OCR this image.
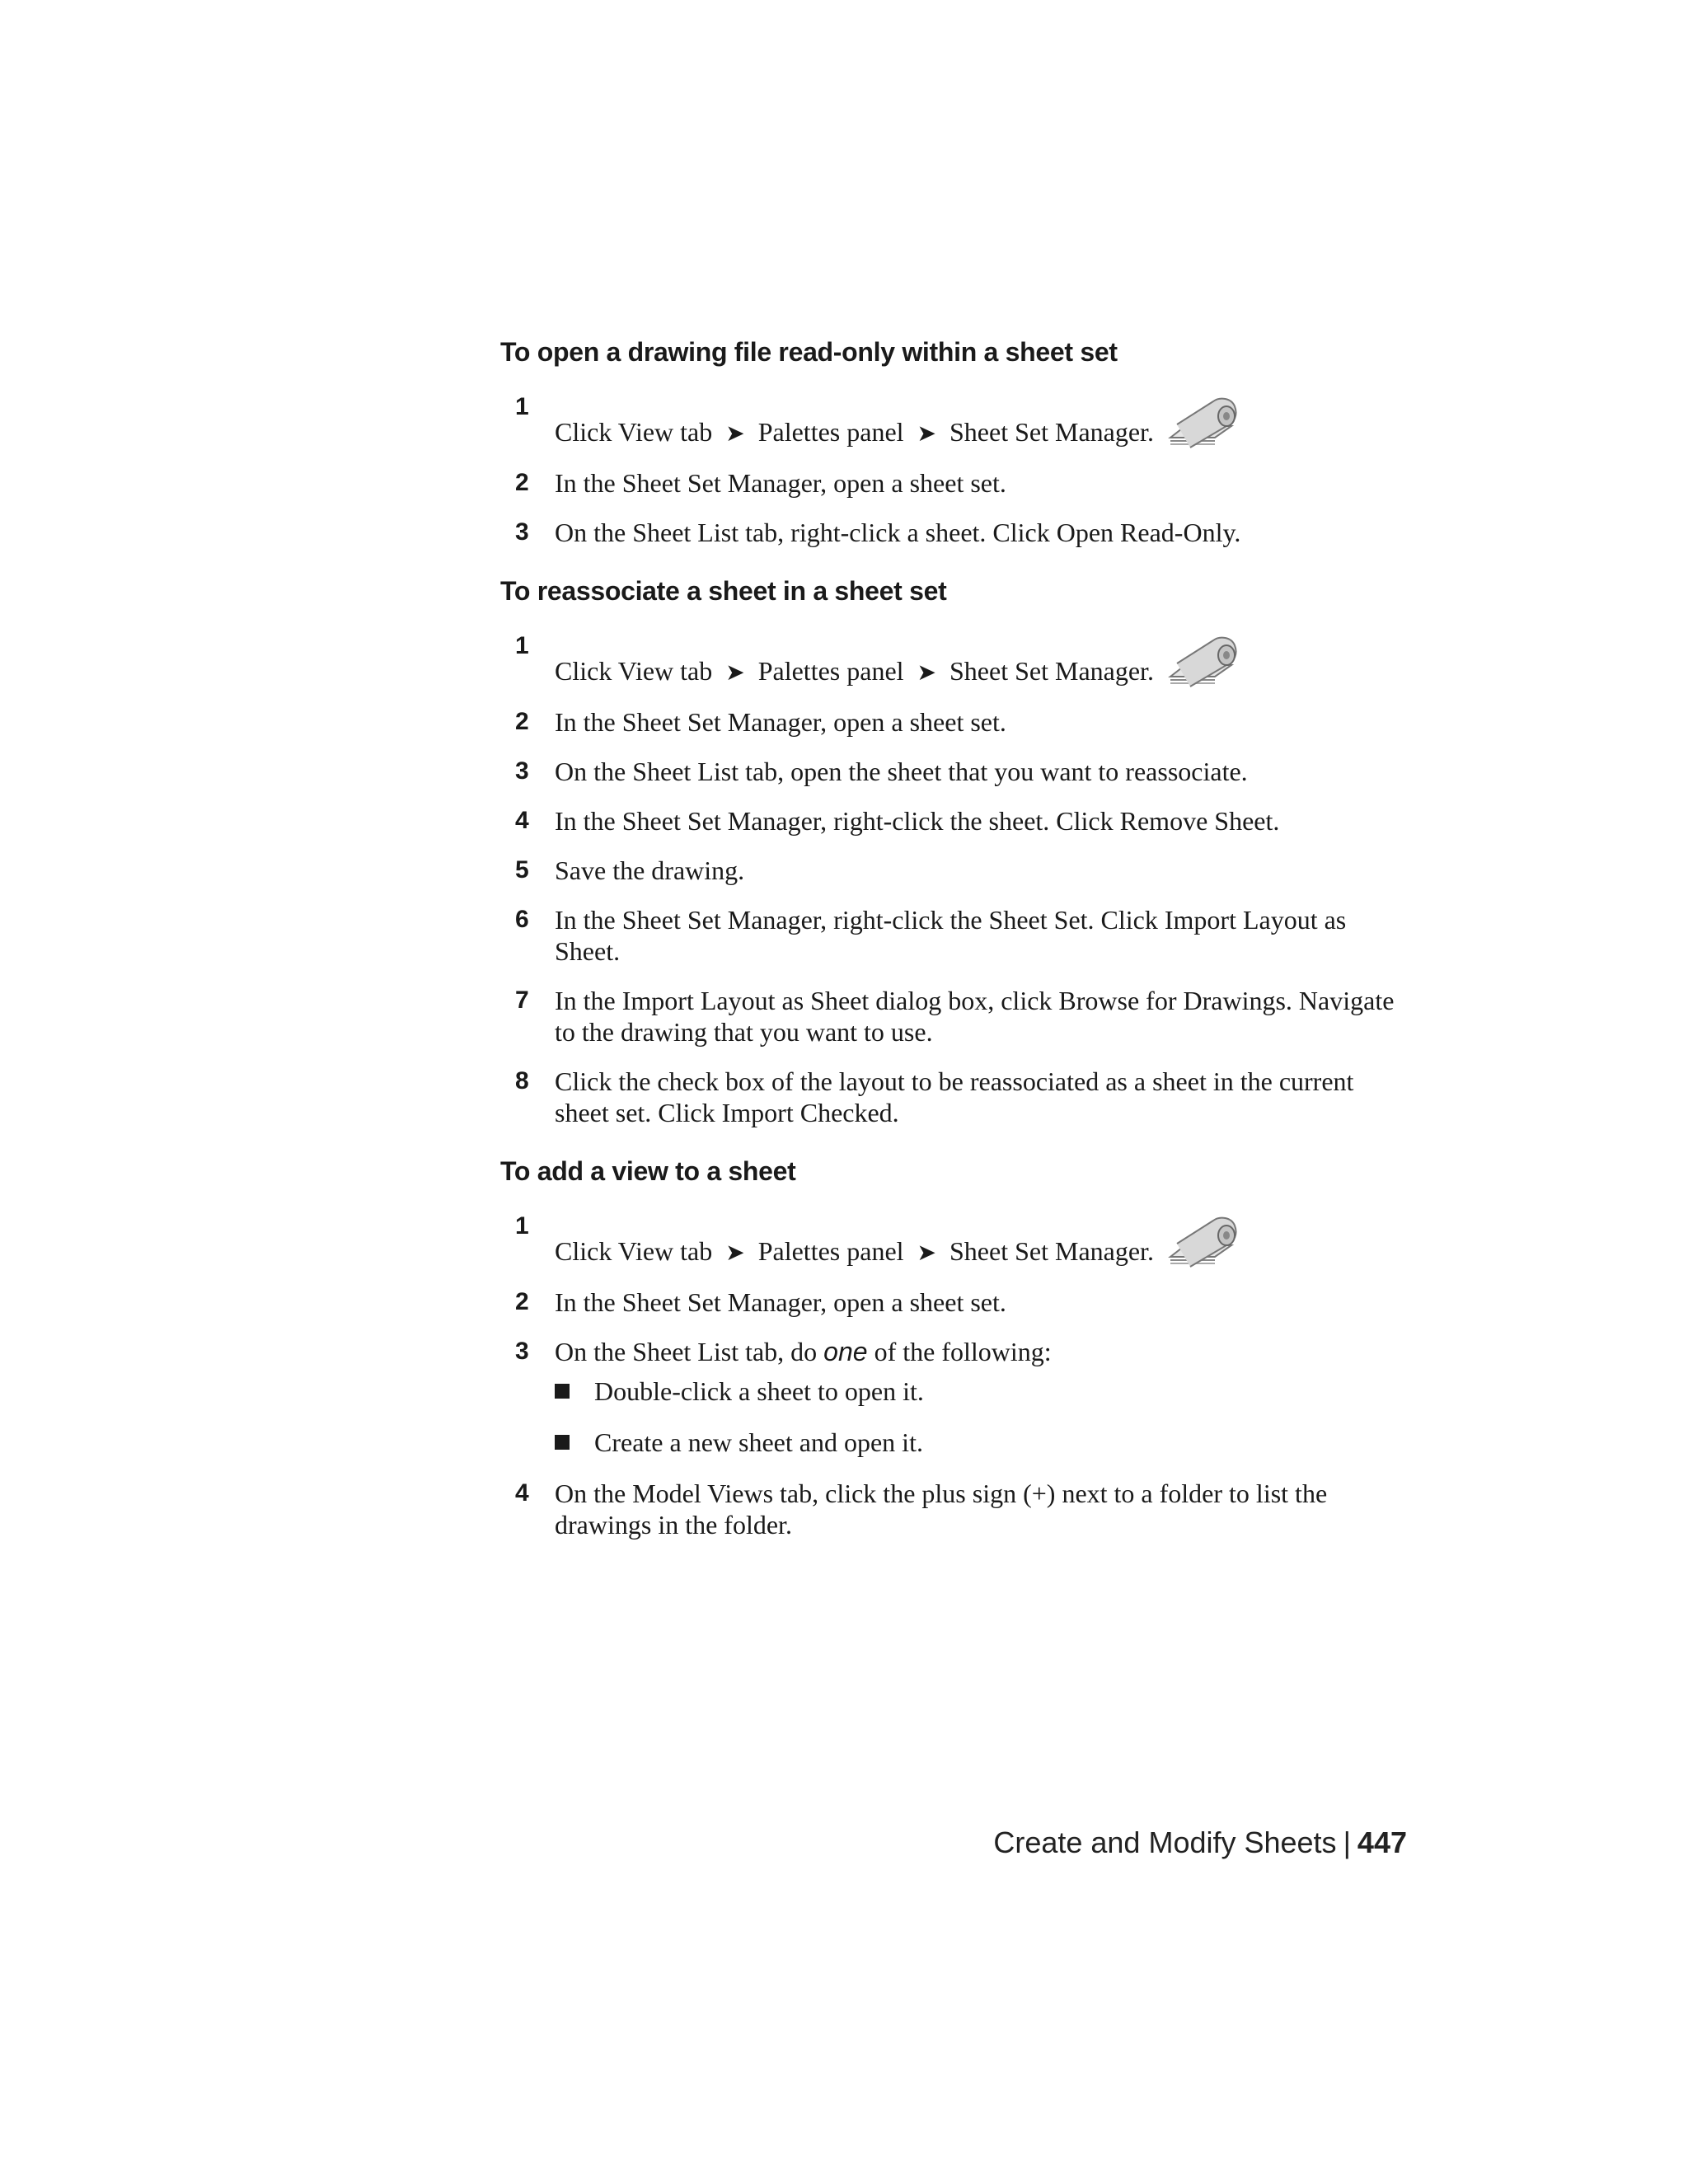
To open a drawing file read-only within a sheet set
1
Click View tab ➤ Palettes panel ➤ Sheet Set Manager.
2 In the Sheet Set Manager, open a sheet set.
3 On the Sheet List tab, right-click a sheet. Click Open Read-Only.
To reassociate a sheet in a sheet set
1
Click View tab ➤ Palettes panel ➤ Sheet Set Manager.
2 In the Sheet Set Manager, open a sheet set.
3 On the Sheet List tab, open the sheet that you want to reassociate.
4 In the Sheet Set Manager, right-click the sheet. Click Remove Sheet.
5 Save the drawing.
6 In the Sheet Set Manager, right-click the Sheet Set. Click Import Layout as Sheet.
7 In the Import Layout as Sheet dialog box, click Browse for Drawings. Navigate to the drawing that you want to use.
8 Click the check box of the layout to be reassociated as a sheet in the current sheet set. Click Import Checked.
To add a view to a sheet
1
Click View tab ➤ Palettes panel ➤ Sheet Set Manager.
2 In the Sheet Set Manager, open a sheet set.
3 On the Sheet List tab, do one of the following:
Double-click a sheet to open it.
Create a new sheet and open it.
4 On the Model Views tab, click the plus sign (+) next to a folder to list the drawings in the folder.
Create and Modify Sheets | 447
